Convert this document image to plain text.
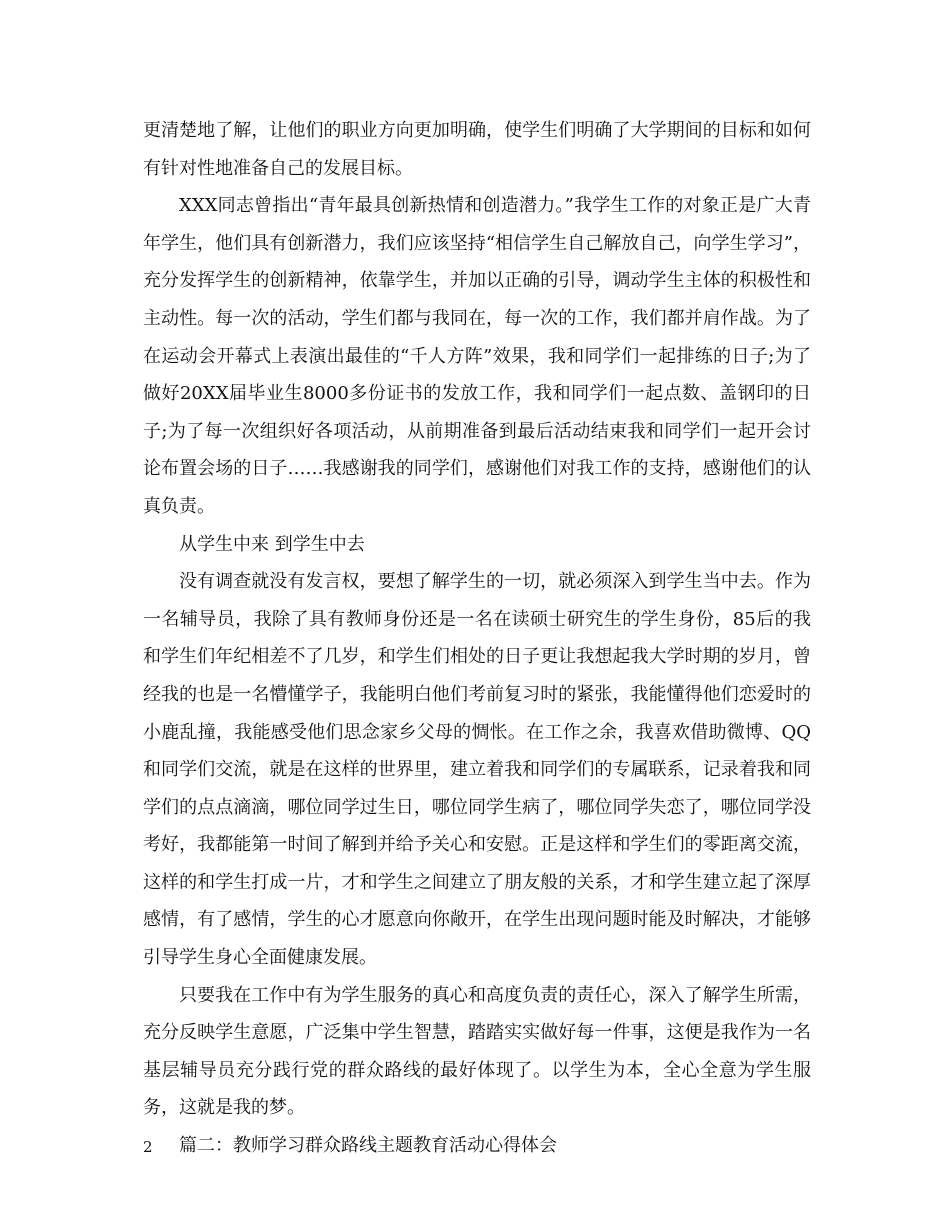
更清楚地了解，让他们的职业方向更加明确，使学生们明确了大学期间的目标和如何有针对性地准备自己的发展目标。

XXX同志曾指出“青年最具创新热情和创造潜力。”我学生工作的对象正是广大青年学生，他们具有创新潜力，我们应该坚持“相信学生自己解放自己，向学生学习”，充分发挥学生的创新精神，依靠学生，并加以正确的引导，调动学生主体的积极性和主动性。每一次的活动，学生们都与我同在，每一次的工作，我们都并肩作战。为了在运动会开幕式上表演出最佳的“千人方阵”效果，我和同学们一起排练的日子;为了做好20XX届毕业生8000多份证书的发放工作，我和同学们一起点数、盖钢印的日子;为了每一次组织好各项活动，从前期准备到最后活动结束我和同学们一起开会讨论布置会场的日子……我感谢我的同学们，感谢他们对我工作的支持，感谢他们的认真负责。

从学生中来 到学生中去

没有调查就没有发言权，要想了解学生的一切，就必须深入到学生当中去。作为一名辅导员，我除了具有教师身份还是一名在读硕士研究生的学生身份，85后的我和学生们年纪相差不了几岁，和学生们相处的日子更让我想起我大学时期的岁月，曾经我的也是一名懵懂学子，我能明白他们考前复习时的紧张，我能懂得他们恋爱时的小鹿乱撞，我能感受他们思念家乡父母的惆怅。在工作之余，我喜欢借助微博、QQ和同学们交流，就是在这样的世界里，建立着我和同学们的专属联系，记录着我和同学们的点点滴滴，哪位同学过生日，哪位同学生病了，哪位同学失恋了，哪位同学没考好，我都能第一时间了解到并给予关心和安慰。正是这样和学生们的零距离交流，这样的和学生打成一片，才和学生之间建立了朋友般的关系，才和学生建立起了深厚感情，有了感情，学生的心才愿意向你敞开，在学生出现问题时能及时解决，才能够引导学生身心全面健康发展。

只要我在工作中有为学生服务的真心和高度负责的责任心，深入了解学生所需，充分反映学生意愿，广泛集中学生智慧，踏踏实实做好每一件事，这便是我作为一名基层辅导员充分践行党的群众路线的最好体现了。以学生为本，全心全意为学生服务，这就是我的梦。

篇二：教师学习群众路线主题教育活动心得体会

2
